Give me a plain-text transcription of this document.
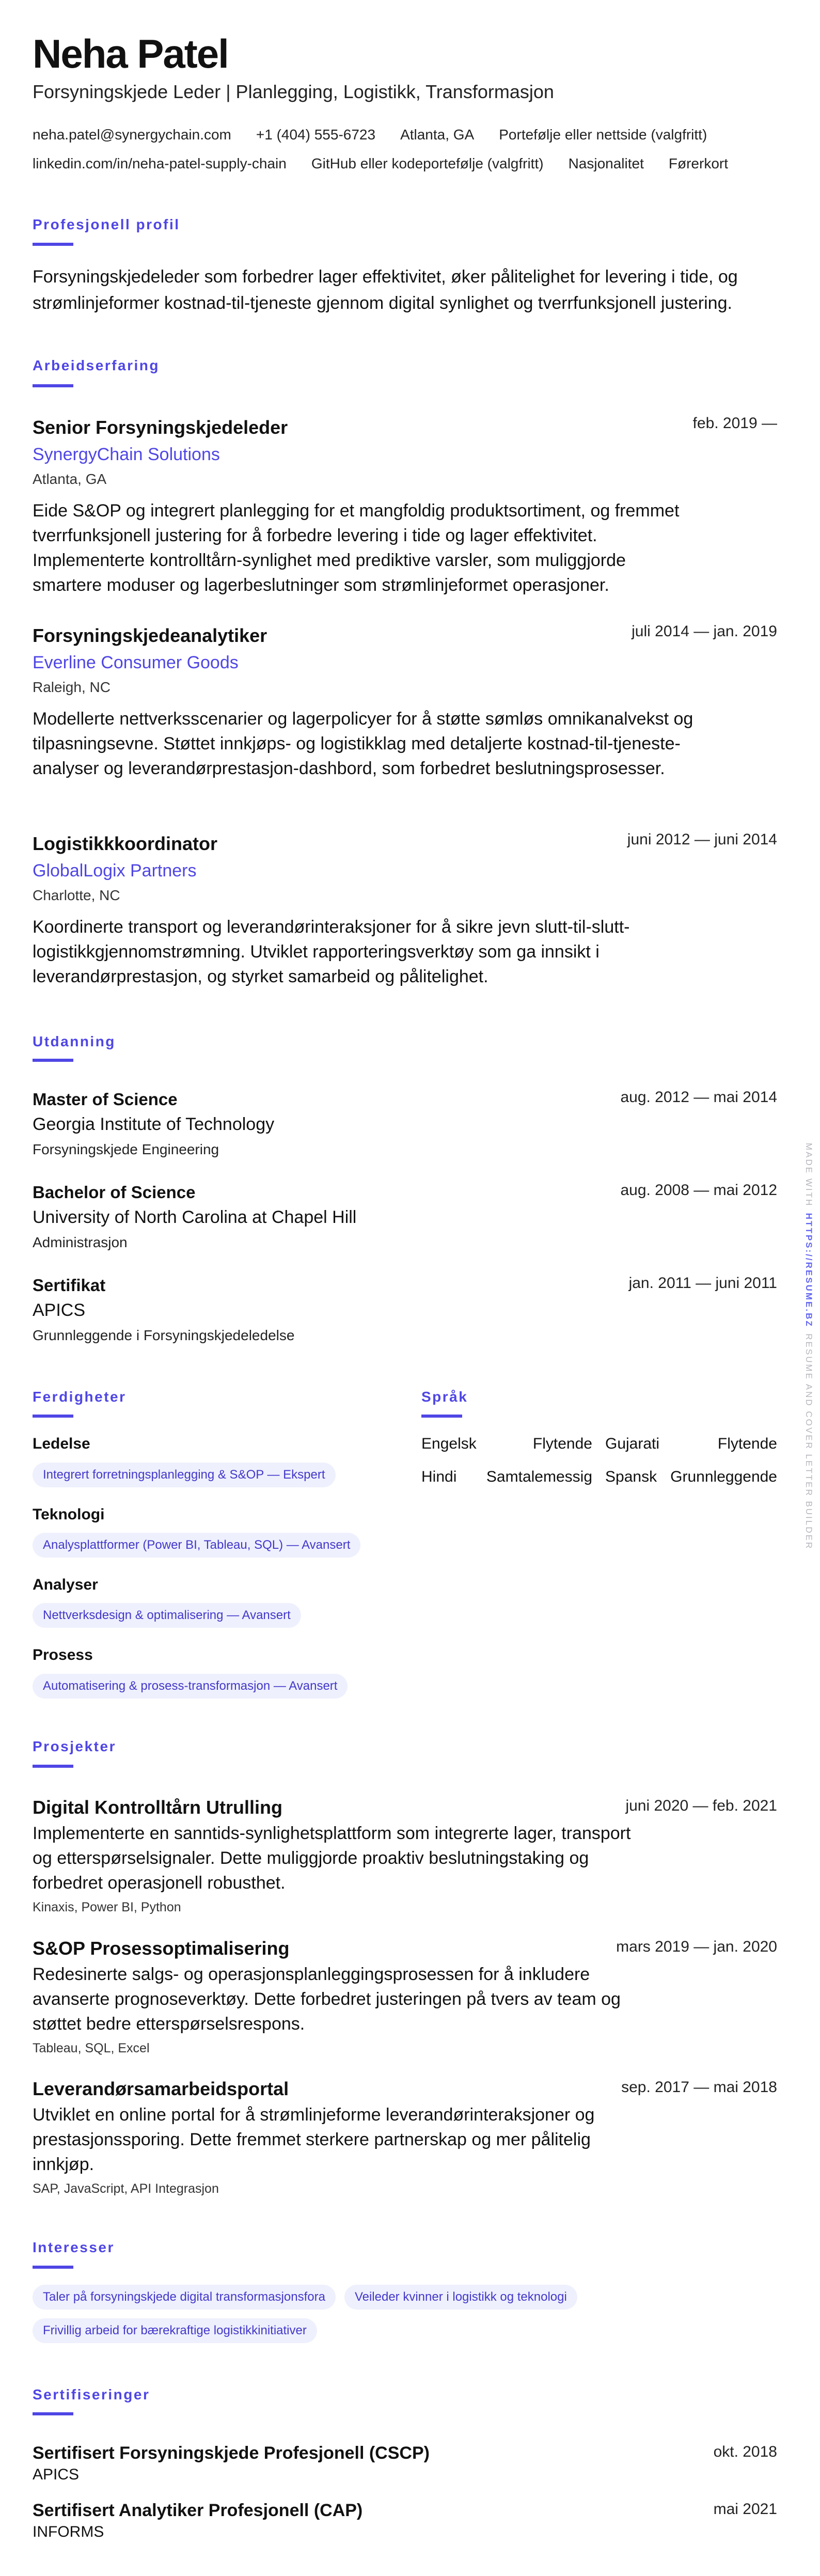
Neha Patel
Forsyningskjede Leder | Planlegging, Logistikk, Transformasjon
neha.patel@synergychain.com +1 (404) 555-6723 Atlanta, GA Portefølje eller nettside (valgfritt)
linkedin.com/in/neha-patel-supply-chain GitHub eller kodeportefølje (valgfritt) Nasjonalitet Førerkort
Profesjonell profil
Forsyningskjedeleder som forbedrer lager effektivitet, øker pålitelighet for levering i tide, og strømlinjeformer kostnad-til-tjeneste gjennom digital synlighet og tverrfunksjonell justering.
Arbeidserfaring
Senior Forsyningskjedeleder	feb. 2019 —
SynergyChain Solutions
Atlanta, GA
Eide S&OP og integrert planlegging for et mangfoldig produktsortiment, og fremmet tverrfunksjonell justering for å forbedre levering i tide og lager effektivitet. Implementerte kontrolltårn-synlighet med prediktive varsler, som muliggjorde smartere moduser og lagerbeslutninger som strømlinjeformet operasjoner.
Forsyningskjedeanalytiker	juli 2014 — jan. 2019
Everline Consumer Goods
Raleigh, NC
Modellerte nettverksscenarier og lagerpolicyer for å støtte sømløs omnikanalvekst og tilpasningsevne. Støttet innkjøps- og logistikklag med detaljerte kostnad-til-tjeneste-analyser og leverandørprestasjon-dashbord, som forbedret beslutningsprosesser.
Logistikkkoordinator	juni 2012 — juni 2014
GlobalLogix Partners
Charlotte, NC
Koordinerte transport og leverandørinteraksjoner for å sikre jevn slutt-til-slutt-logistikkgjennomstrømning. Utviklet rapporteringsverktøy som ga innsikt i leverandørprestasjon, og styrket samarbeid og pålitelighet.
Utdanning
Master of Science	aug. 2012 — mai 2014
Georgia Institute of Technology
Forsyningskjede Engineering
Bachelor of Science	aug. 2008 — mai 2012
University of North Carolina at Chapel Hill
Administrasjon
Sertifikat	jan. 2011 — juni 2011
APICS
Grunnleggende i Forsyningskjedeledelse
Ferdigheter
Ledelse
Integrert forretningsplanlegging & S&OP — Ekspert
Teknologi
Analysplattformer (Power BI, Tableau, SQL) — Avansert
Analyser
Nettverksdesign & optimalisering — Avansert
Prosess
Automatisering & prosess-transformasjon — Avansert
Språk
Engelsk	Flytende Gujarati	Flytende
Hindi Samtalemessig Spansk Grunnleggende
Prosjekter
Digital Kontrolltårn Utrulling	juni 2020 — feb. 2021
Implementerte en sanntids-synlighetsplattform som integrerte lager, transport og etterspørselsignaler. Dette muliggjorde proaktiv beslutningstaking og forbedret operasjonell robusthet.
Kinaxis, Power BI, Python
S&OP Prosessoptimalisering	mars 2019 — jan. 2020
Redesinerte salgs- og operasjonsplanleggingsprosessen for å inkludere avanserte prognoseverktøy. Dette forbedret justeringen på tvers av team og støttet bedre etterspørselsrespons.
Tableau, SQL, Excel
Leverandørsamarbeidsportal	sep. 2017 — mai 2018
Utviklet en online portal for å strømlinjeforme leverandørinteraksjoner og prestasjonssporing. Dette fremmet sterkere partnerskap og mer pålitelig innkjøp.
SAP, JavaScript, API Integrasjon
Interesser
Taler på forsyningskjede digital transformasjonsfora	Veileder kvinner i logistikk og teknologi
Frivillig arbeid for bærekraftige logistikkinitiativer
Sertifiseringer
Sertifisert Forsyningskjede Profesjonell (CSCP)	okt. 2018
APICS
Sertifisert Analytiker Profesjonell (CAP)	mai 2021
INFORMS
MADE WITH HTTPS://RESUME.BZ RESUME AND COVER LETTER BUILDER
